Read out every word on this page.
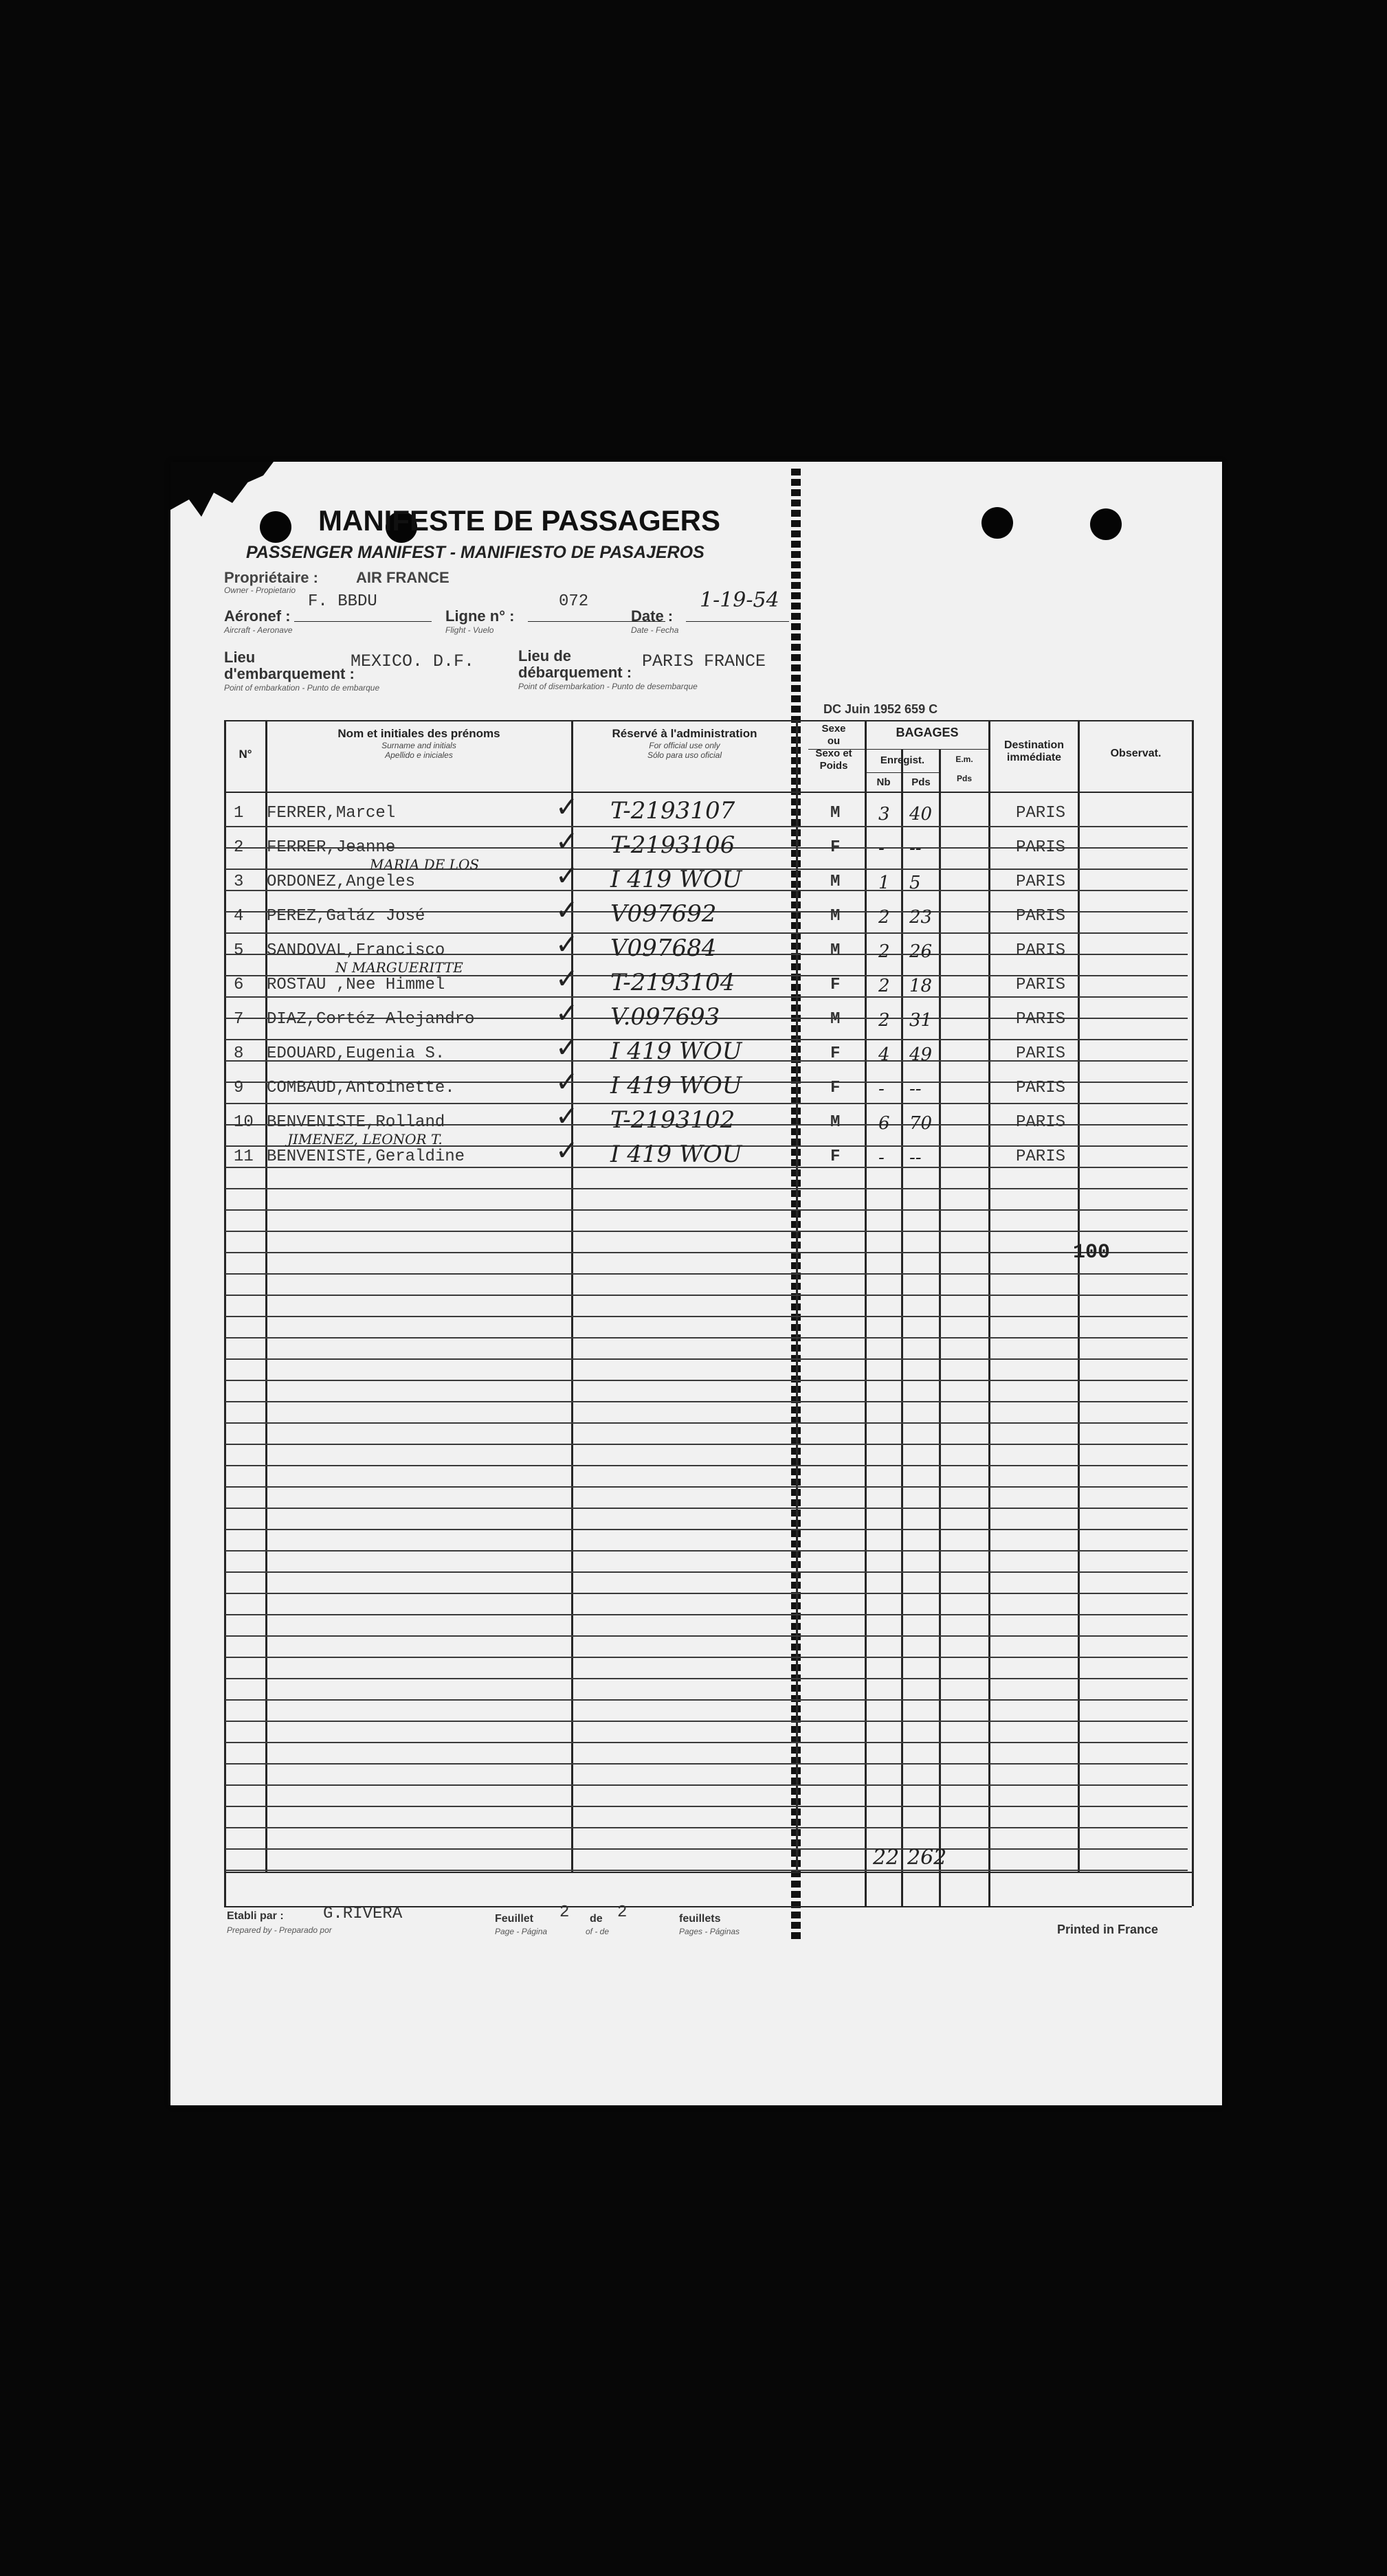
MANIFESTE DE PASSAGERS
PASSENGER MANIFEST - MANIFIESTO DE PASAJEROS
Propriétaire :
Owner - Propietario
AIR FRANCE
F. BBDU
Aéronef :
Aircraft - Aeronave
Ligne n° :
Flight - Vuelo
072
Date :
Date - Fecha
1-19-54
Lieu
d'embarquement :
Point of embarkation - Punto de embarque
MEXICO. D.F.	Lieu de
débarquement :
Point of disembarkation - Punto de desembarque
PARIS FRANCE
DC Juin 1952 659 C
N°
Nom et initiales des prénoms
Surname and initials
Apellido e iniciales
Réservé à l'administration
For official use only
Sólo para uso oficial
Sexe
ou
Sexo et
Poids
BAGAGES
Enregist.
Nb	Pds
E.m.
Pds
Destination
immédiate	Observat.
1 FERRER,Marcel	T-2193107	M 3 40	PARIS
✓
2 FERRER,Jeanne	T-2193106	F - --	PARIS
✓
3 ORDONEZ,Angeles	I 419 WOU	M 1 5	PARIS
MARIA DE LOS	✓
4 PEREZ,Galáz José	V097692	M 2 23	PARIS
✓
5 SANDOVAL,Francisco	V097684	M 2 26	PARIS
✓
6 ROSTAU ,Nee Himmel	T-2193104	F 2 18	PARIS
N MARGUERITTE	✓
7 DIAZ,Cortéz Alejandro	V.097693	M 2 31	PARIS
✓
8 EDOUARD,Eugenia S.	I 419 WOU	F 4 49	PARIS
✓
9 COMBAUD,Antoinette.	I 419 WOU	F - --	PARIS
✓
10 BENVENISTE,Rolland	T-2193102	M 6 70	PARIS
✓
11 BENVENISTE,Geraldine	I 419 WOU	F - --	PARIS
JIMENEZ, LEONOR T.	✓
100
22 262
Etabli par :
Prepared by - Preparado por
G.RIVERA	Feuillet 2 de 2	feuillets
Page - Página	of - de	Pages - Páginas	Printed in France
